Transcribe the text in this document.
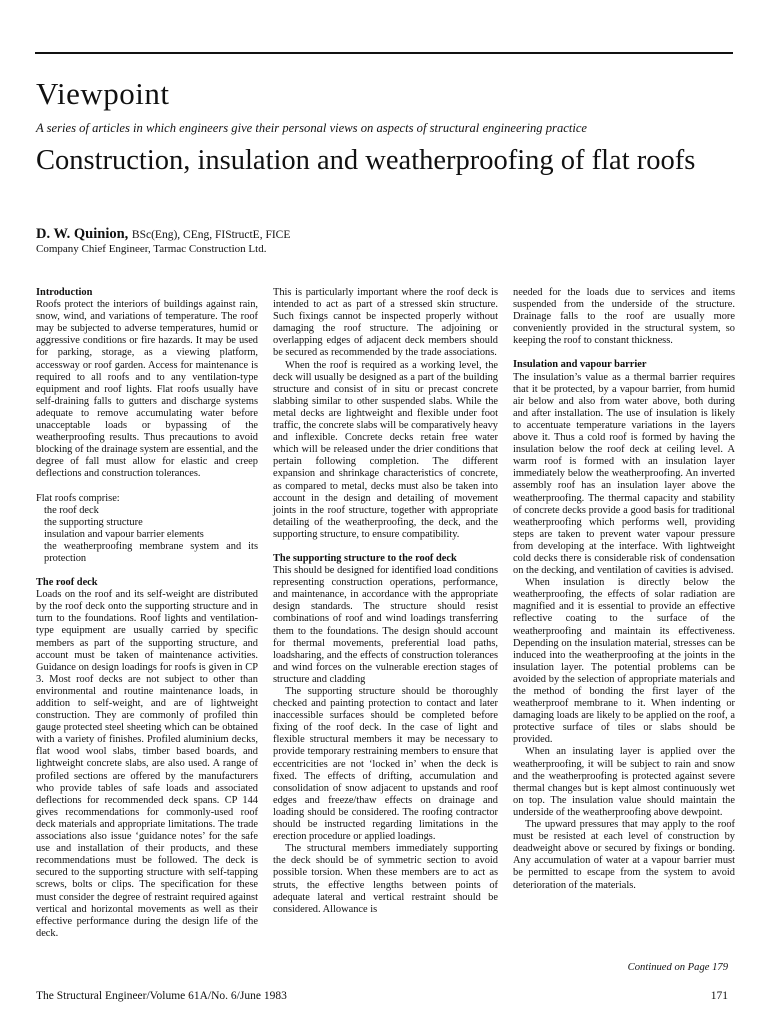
Viewpoint
A series of articles in which engineers give their personal views on aspects of structural engineering practice
Construction, insulation and weatherproofing of flat roofs
D. W. Quinion, BSc(Eng), CEng, FIStructE, FICE
Company Chief Engineer, Tarmac Construction Ltd.
Introduction

Roofs protect the interiors of buildings against rain, snow, wind, and variations of temperature. The roof may be subjected to adverse temperatures, humid or aggressive conditions or fire hazards. It may be used for parking, storage, as a viewing platform, accessway or roof garden. Access for maintenance is required to all roofs and to any ventilation-type equipment and roof lights. Flat roofs usually have self-draining falls to gutters and discharge systems adequate to remove accumulating water before unacceptable loads or bypassing of the weatherproofing results. Thus precautions to avoid blocking of the drainage system are essential, and the degree of fall must allow for elastic and creep deflections and construction tolerances.

Flat roofs comprise:

the roof deck
the supporting structure
insulation and vapour barrier elements
the weatherproofing membrane system and its protection
The roof deck

Loads on the roof and its self-weight are distributed by the roof deck onto the supporting structure and in turn to the foundations. Roof lights and ventilation-type equipment are usually carried by specific members as part of the supporting structure, and account must be taken of maintenance activities. Guidance on design loadings for roofs is given in CP 3. Most roof decks are not subject to other than environmental and routine maintenance loads, in addition to self-weight, and are of lightweight construction. They are commonly of profiled thin gauge protected steel sheeting which can be obtained with a variety of finishes. Profiled aluminium decks, flat wood wool slabs, timber based boards, and lightweight concrete slabs, are also used. A range of profiled sections are offered by the manufacturers who provide tables of safe loads and associated deflections for recommended deck spans. CP 144 gives recommendations for commonly-used roof deck materials and appropriate limitations. The trade associations also issue ‘guidance notes’ for the safe use and installation of their products, and these recommendations must be followed. The deck is secured to the supporting structure with self-tapping screws, bolts or clips. The specification for these must consider the degree of restraint required against vertical and horizontal movements as well as their effective performance during the design life of the deck.

This is particularly important where the roof deck is intended to act as part of a stressed skin structure. Such fixings cannot be inspected properly without damaging the roof structure. The adjoining or overlapping edges of adjacent deck members should be secured as recommended by the trade associations.

When the roof is required as a working level, the deck will usually be designed as a part of the building structure and consist of in situ or precast concrete slabbing similar to other suspended slabs. While the metal decks are lightweight and flexible under foot traffic, the concrete slabs will be comparatively heavy and inflexible. Concrete decks retain free water which will be released under the drier conditions that pertain following completion. The different expansion and shrinkage characteristics of concrete, as compared to metal, decks must also be taken into account in the design and detailing of movement joints in the roof structure, together with appropriate detailing of the weatherproofing, the deck, and the supporting structure, to ensure compatibility.

The supporting structure to the roof deck

This should be designed for identified load conditions representing construction operations, performance, and maintenance, in accordance with the appropriate design standards. The structure should resist combinations of roof and wind loadings transferring them to the foundations. The design should account for thermal movements, preferential load paths, loadsharing, and the effects of construction tolerances and wind forces on the vulnerable erection stages of structure and cladding

The supporting structure should be thoroughly checked and painting protection to contact and later inaccessible surfaces should be completed before fixing of the roof deck. In the case of light and flexible structural members it may be necessary to provide temporary restraining members to ensure that eccentricities are not ‘locked in’ when the deck is fixed. The effects of drifting, accumulation and consolidation of snow adjacent to upstands and roof edges and freeze/thaw effects on drainage and loading should be considered. The roofing contractor should be instructed regarding limitations in the erection procedure or applied loadings.

The structural members immediately supporting the deck should be of symmetric section to avoid possible torsion. When these members are to act as struts, the effective lengths between points of adequate lateral and vertical restraint should be considered. Allowance is

needed for the loads due to services and items suspended from the underside of the structure. Drainage falls to the roof are usually more conveniently provided in the structural system, so keeping the roof to constant thickness.

Insulation and vapour barrier

The insulation’s value as a thermal barrier requires that it be protected, by a vapour barrier, from humid air below and also from water above, both during and after installation. The use of insulation is likely to accentuate temperature variations in the layers above it. Thus a cold roof is formed by having the insulation below the roof deck at ceiling level. A warm roof is formed with an insulation layer immediately below the weatherproofing. An inverted assembly roof has an insulation layer above the weatherproofing. The thermal capacity and stability of concrete decks provide a good basis for traditional weatherproofing which performs well, providing steps are taken to prevent water vapour pressure from developing at the interface. With lightweight cold decks there is considerable risk of condensation on the decking, and ventilation of cavities is advised.

When insulation is directly below the weatherproofing, the effects of solar radiation are magnified and it is essential to provide an effective reflective coating to the surface of the weatherproofing and maintain its effectiveness. Depending on the insulation material, stresses can be induced into the weatherproofing at the joints in the insulation layer. The potential problems can be avoided by the selection of appropriate materials and the method of bonding the first layer of the weatherproof membrane to it. When indenting or damaging loads are likely to be applied on the roof, a protective surface of tiles or slabs should be provided.

When an insulating layer is applied over the weatherproofing, it will be subject to rain and snow and the weatherproofing is protected against severe thermal changes but is kept almost continuously wet on top. The insulation value should maintain the underside of the weatherproofing above dewpoint.

The upward pressures that may apply to the roof must be resisted at each level of construction by deadweight above or secured by fixings or bonding. Any accumulation of water at a vapour barrier must be permitted to escape from the system to avoid deterioration of the materials.

Continued on Page 179
The Structural Engineer/Volume 61A/No. 6/June 1983	171
